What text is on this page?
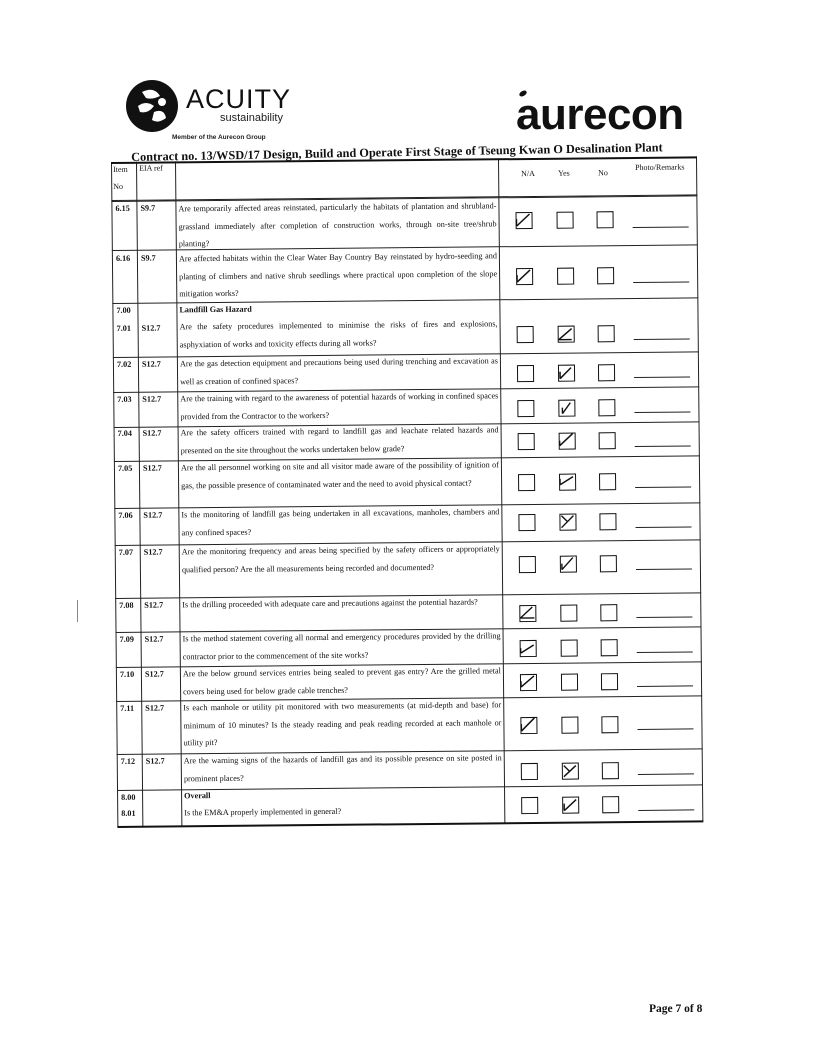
ACUITY
sustainability
Member of the Aurecon Group	aurecon
Contract no. 13/WSD/17 Design, Build and Operate First Stage of Tseung Kwan O Desalination Plant
Item
No
EIA ref
N/A	Yes	No
Photo/Remarks
6.15 S9.7	Are temporarily affected areas reinstated, particularly the habitats of plantation and shrubland-grassland immediately after completion of construction works, through on-site tree/shrub planting?
6.16 S9.7	Are affected habitats within the Clear Water Bay Country Bay reinstated by hydro-seeding and planting of climbers and native shrub seedlings where practical upon completion of the slope mitigation works?
7.00	Landfill Gas Hazard
7.01 S12.7 Are the safety procedures implemented to minimise the risks of fires and explosions, asphyxiation of works and toxicity effects during all works?
7.02 S12.7 Are the gas detection equipment and precautions being used during trenching and excavation as well as creation of confined spaces?
7.03 S12.7 Are the training with regard to the awareness of potential hazards of working in confined spaces provided from the Contractor to the workers?
7.04 S12.7 Are the safety officers trained with regard to landfill gas and leachate related hazards and presented on the site throughout the works undertaken below grade?
7.05 S12.7 Are the all personnel working on site and all visitor made aware of the possibility of ignition of gas, the possible presence of contaminated water and the need to avoid physical contact?
7.06 S12.7 Is the monitoring of landfill gas being undertaken in all excavations, manholes, chambers and any confined spaces?
7.07 S12.7 Are the monitoring frequency and areas being specified by the safety officers or appropriately qualified person? Are the all measurements being recorded and documented?
7.08 S12.7 Is the drilling proceeded with adequate care and precautions against the potential hazards?
7.09 S12.7 Is the method statement covering all normal and emergency procedures provided by the drilling contractor prior to the commencement of the site works?
7.10 S12.7 Are the below ground services entries being sealed to prevent gas entry? Are the grilled metal covers being used for below grade cable trenches?
7.11 S12.7 Is each manhole or utility pit monitored with two measurements (at mid-depth and base) for minimum of 10 minutes? Is the steady reading and peak reading recorded at each manhole or utility pit?
7.12 S12.7 Are the warning signs of the hazards of landfill gas and its possible presence on site posted in prominent places?
8.00	Overall
8.01	Is the EM&A properly implemented in general?
Page 7 of 8
